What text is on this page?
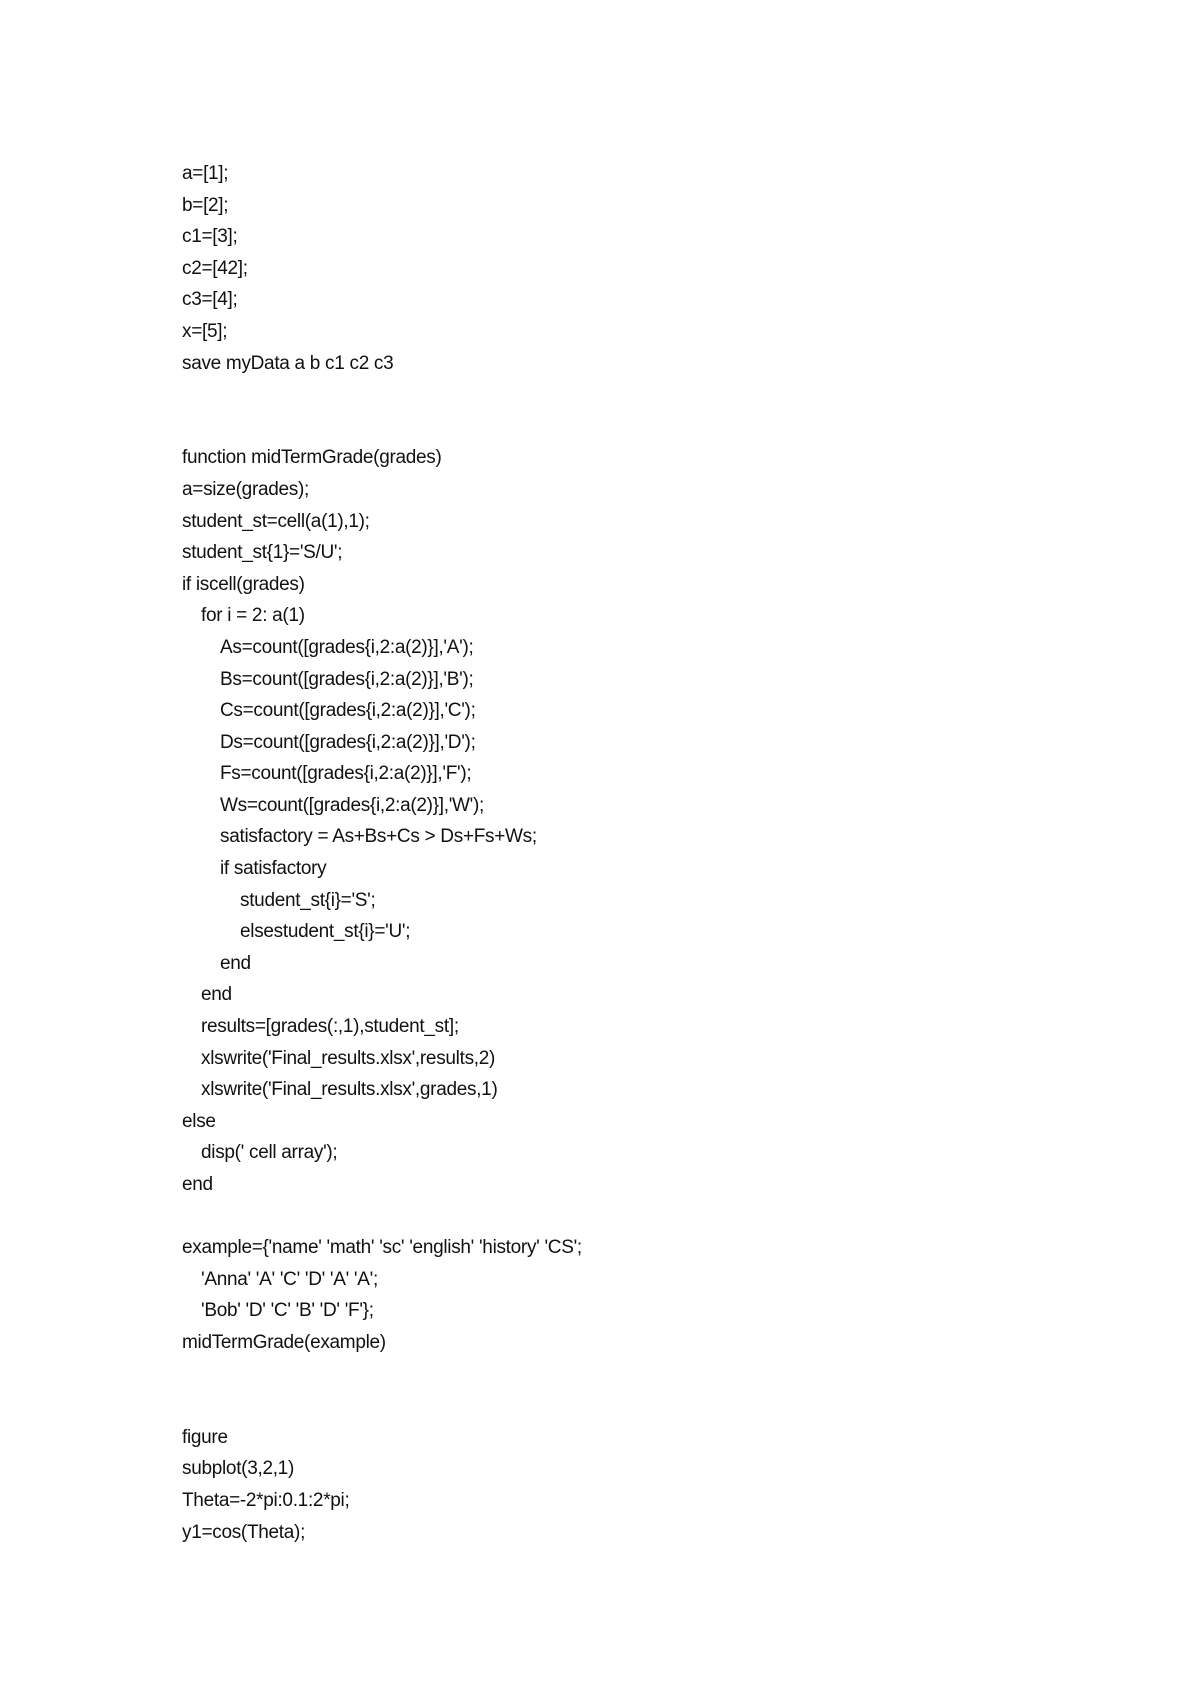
a=[1];
b=[2];
c1=[3];
c2=[42];
c3=[4];
x=[5];
save myData a b c1 c2 c3
function midTermGrade(grades)
a=size(grades);
student_st=cell(a(1),1);
student_st{1}='S/U';
if iscell(grades)
for i = 2: a(1)
As=count([grades{i,2:a(2)}],'A');
Bs=count([grades{i,2:a(2)}],'B');
Cs=count([grades{i,2:a(2)}],'C');
Ds=count([grades{i,2:a(2)}],'D');
Fs=count([grades{i,2:a(2)}],'F');
Ws=count([grades{i,2:a(2)}],'W');
satisfactory = As+Bs+Cs > Ds+Fs+Ws;
if satisfactory
student_st{i}='S';
elsestudent_st{i}='U';
end
end
results=[grades(:,1),student_st];
xlswrite('Final_results.xlsx',results,2)
xlswrite('Final_results.xlsx',grades,1)
else
disp(' cell array');
end
example={'name' 'math' 'sc' 'english' 'history' 'CS';
'Anna' 'A' 'C' 'D' 'A' 'A';
'Bob' 'D' 'C' 'B' 'D' 'F'};
midTermGrade(example)
figure
subplot(3,2,1)
Theta=-2*pi:0.1:2*pi;
y1=cos(Theta);
